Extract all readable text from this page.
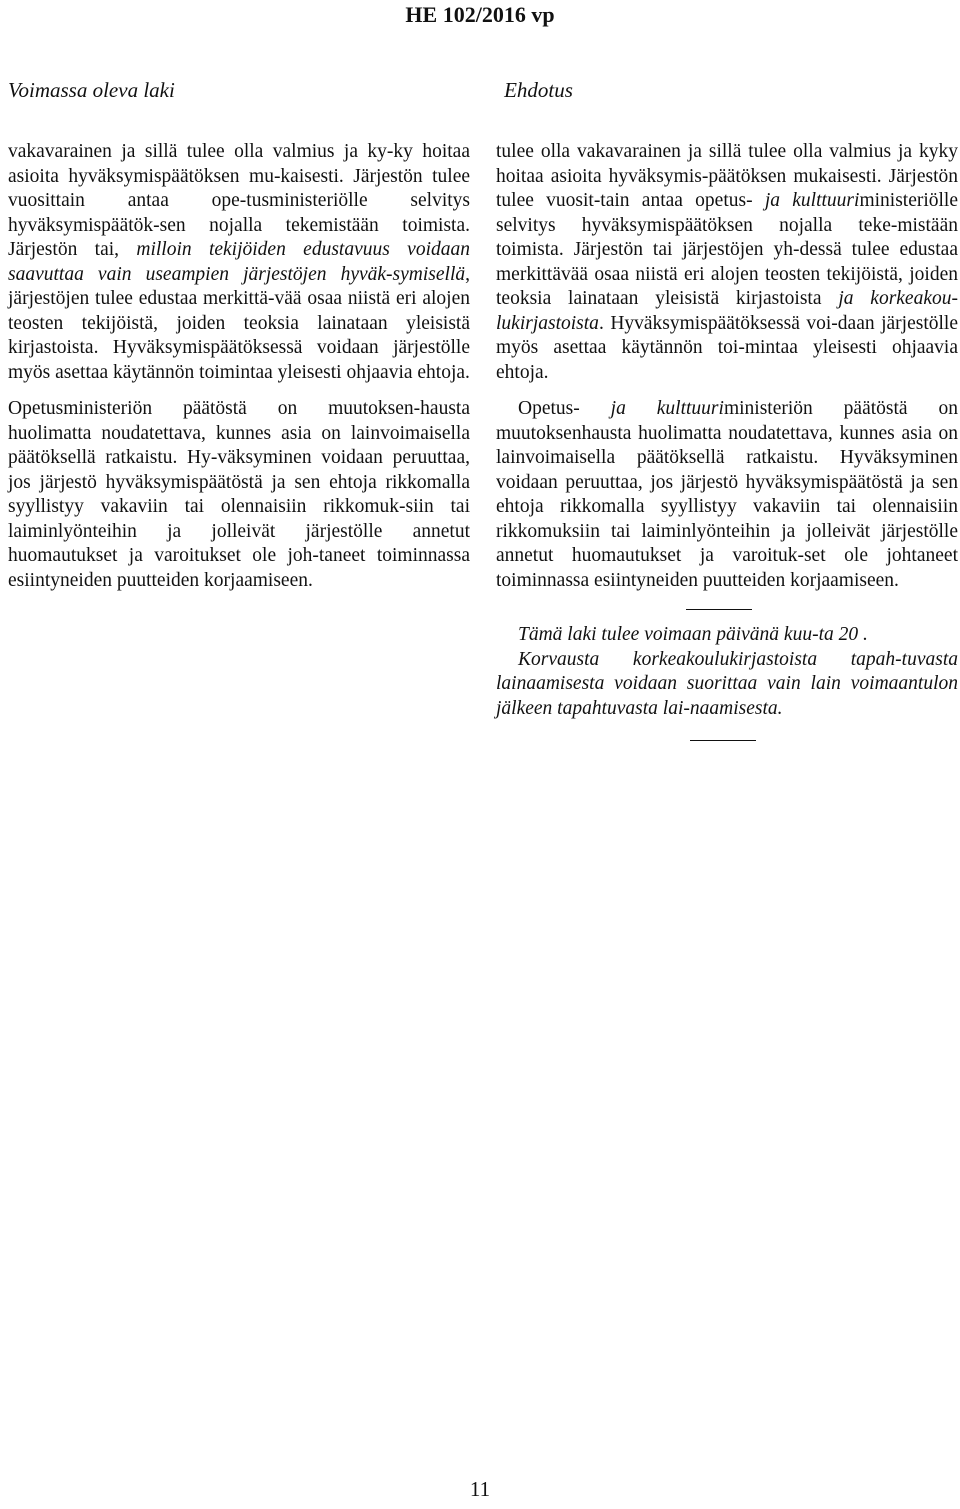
HE 102/2016 vp
Voimassa oleva laki	Ehdotus

vakavarainen ja sillä tulee olla valmius ja ky-ky hoitaa asioita hyväksymispäätöksen mu-kaisesti. Järjestön tulee vuosittain antaa ope-tusministeriölle selvitys hyväksymispäätök-sen nojalla tekemistään toimista. Järjestön tai, milloin tekijöiden edustavuus voidaan saavuttaa vain useampien järjestöjen hyväk-symisellä, järjestöjen tulee edustaa merkittä-vää osaa niistä eri alojen teosten tekijöistä, joiden teoksia lainataan yleisistä kirjastoista. Hyväksymispäätöksessä voidaan järjestölle myös asettaa käytännön toimintaa yleisesti ohjaavia ehtoja.

Opetusministeriön päätöstä on muutoksen-hausta huolimatta noudatettava, kunnes asia on lainvoimaisella päätöksellä ratkaistu. Hy-väksyminen voidaan peruuttaa, jos järjestö hyväksymispäätöstä ja sen ehtoja rikkomalla syyllistyy vakaviin tai olennaisiin rikkomuk-siin tai laiminlyönteihin ja jolleivät järjestölle annetut huomautukset ja varoitukset ole joh-taneet toiminnassa esiintyneiden puutteiden korjaamiseen.

tulee olla vakavarainen ja sillä tulee olla valmius ja kyky hoitaa asioita hyväksymis-päätöksen mukaisesti. Järjestön tulee vuosit-tain antaa opetus- ja kulttuuriministeriölle selvitys hyväksymispäätöksen nojalla teke-mistään toimista. Järjestön tai järjestöjen yh-dessä tulee edustaa merkittävää osaa niistä eri alojen teosten tekijöistä, joiden teoksia lainataan yleisistä kirjastoista ja korkeakou-lukirjastoista. Hyväksymispäätöksessä voi-daan järjestölle myös asettaa käytännön toi-mintaa yleisesti ohjaavia ehtoja.

Opetus- ja kulttuuriministeriön päätöstä on muutoksenhausta huolimatta noudatettava, kunnes asia on lainvoimaisella päätöksellä ratkaistu. Hyväksyminen voidaan peruuttaa, jos järjestö hyväksymispäätöstä ja sen ehtoja rikkomalla syyllistyy vakaviin tai olennaisiin rikkomuksiin tai laiminlyönteihin ja jolleivät järjestölle annetut huomautukset ja varoituk-set ole johtaneet toiminnassa esiintyneiden puutteiden korjaamiseen.

Tämä laki tulee voimaan päivänä kuu-ta 20 .

Korvausta korkeakoulukirjastoista tapah-tuvasta lainaamisesta voidaan suorittaa vain lain voimaantulon jälkeen tapahtuvasta lai-naamisesta.

11
